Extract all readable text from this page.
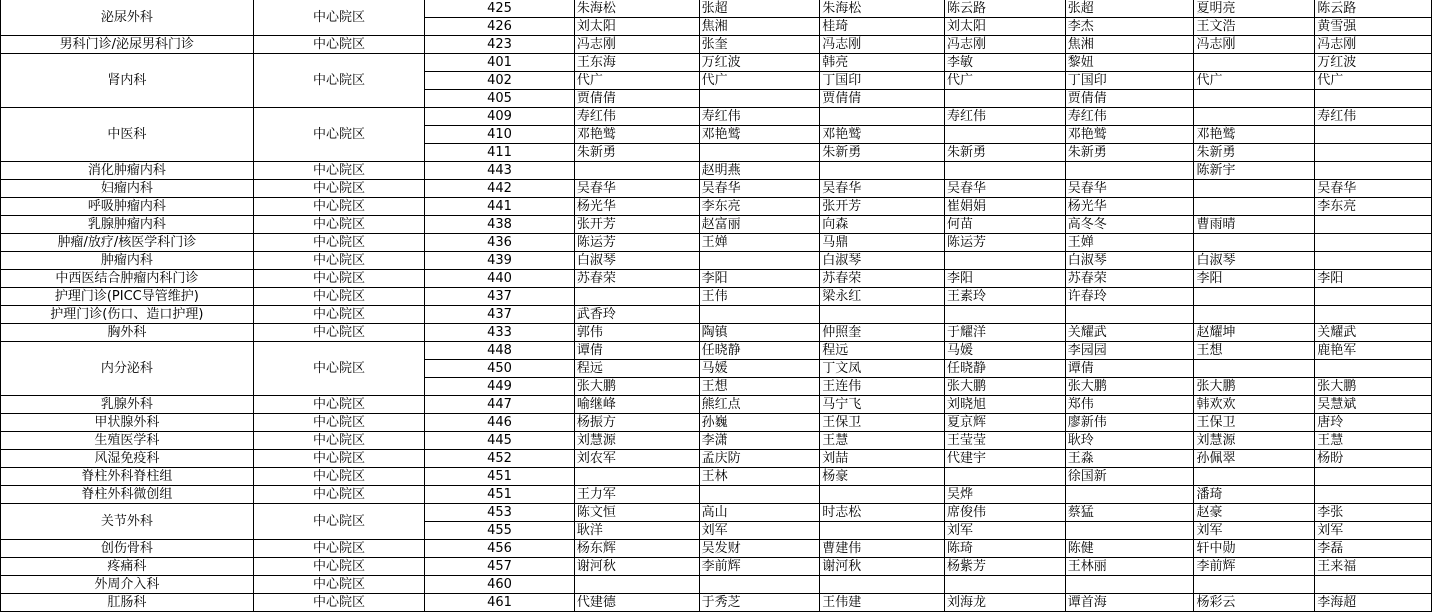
泌尿外科	中心院区	425	朱海松	张超	朱海松	陈云路	张超	夏明亮	陈云路
		426	刘太阳	焦湘	桂琦	刘太阳	李杰	王文浩	黄雪强
男科门诊/泌尿男科门诊	中心院区	423	冯志刚	张奎	冯志刚	冯志刚	焦湘	冯志刚	冯志刚
肾内科	中心院区	401	王东海	万红波	韩亮	李敏	黎妞		万红波
		402	代广	代广	丁国印	代广	丁国印	代广	代广
		405	贾倩倩		贾倩倩		贾倩倩		
中医科	中心院区	409	寿红伟	寿红伟		寿红伟	寿红伟		寿红伟
		410	邓艳鹫	邓艳鹫	邓艳鹫		邓艳鹫	邓艳鹫	
		411	朱新勇		朱新勇	朱新勇	朱新勇	朱新勇	
消化肿瘤内科	中心院区	443		赵明燕				陈新宇	
妇瘤内科	中心院区	442	吴春华	吴春华	吴春华	吴春华	吴春华		吴春华
呼吸肿瘤内科	中心院区	441	杨光华	李东亮	张开芳	崔娟娟	杨光华		李东亮
乳腺肿瘤内科	中心院区	438	张开芳	赵富丽	向森	何苗	高冬冬	曹雨晴	
肿瘤/放疗/核医学科门诊	中心院区	436	陈运芳	王婵	马鼎	陈运芳	王婵		
肿瘤内科	中心院区	439	白淑琴		白淑琴		白淑琴	白淑琴	
中西医结合肿瘤内科门诊	中心院区	440	苏春荣	李阳	苏春荣	李阳	苏春荣	李阳	李阳
护理门诊(PICC导管维护)	中心院区	437		王伟	梁永红	王素玲	许春玲		
护理门诊(伤口、造口护理)	中心院区	437	武香玲						
胸外科	中心院区	433	郭伟	陶镇	仲照奎	于耀洋	关耀武	赵耀坤	关耀武
内分泌科	中心院区	448	谭倩	任晓静	程远	马媛	李园园	王想	鹿艳军
		450	程远	马媛	丁文凤	任晓静	谭倩		
		449	张大鹏	王想	王连伟	张大鹏	张大鹏	张大鹏	张大鹏
乳腺外科	中心院区	447	喻继峰	熊红点	马宁飞	刘晓旭	郑伟	韩欢欢	吴慧斌
甲状腺外科	中心院区	446	杨振方	孙巍	王保卫	夏京辉	廖新伟	王保卫	唐玲
生殖医学科	中心院区	445	刘慧源	李潇	王慧	王莹莹	耿玲	刘慧源	王慧
风湿免疫科	中心院区	452	刘农军	孟庆防	刘喆	代建宇	王淼	孙佩翠	杨盼
脊柱外科脊柱组	中心院区	451		王林	杨豪		徐国新		
脊柱外科微创组	中心院区	451	王力军			吴烨		潘琦	
关节外科	中心院区	453	陈文恒	高山	时志松	席俊伟	蔡猛	赵豪	李张
		455	耿洋	刘军		刘军		刘军	刘军
创伤骨科	中心院区	456	杨东辉	吴发财	曹建伟	陈琦	陈健	轩中勋	李磊
疼痛科	中心院区	457	谢河秋	李前辉	谢河秋	杨紫芳	王林丽	李前辉	王来福
外周介入科	中心院区	460							
肛肠科	中心院区	461	代建德	于秀芝	王伟建	刘海龙	谭首海	杨彩云	李海超
